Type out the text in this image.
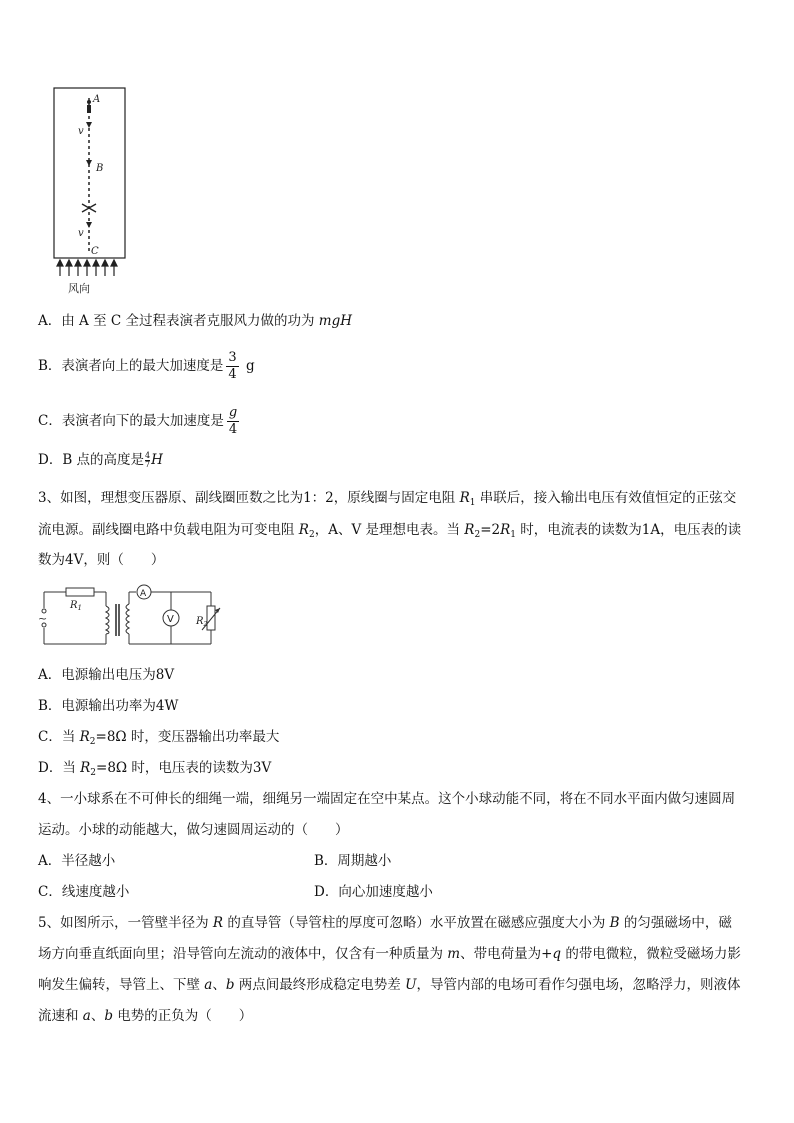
A
v
B
v
C
风向
A．由 A 至 C 全过程表演者克服风力做的功为 mgH
B．表演者向上的最大加速度是 $\frac{3}{4}$ g
C．表演者向下的最大加速度是 $\frac{g}{4}$
D．B 点的高度是 $\frac{4}{7}$ H
3、如图，理想变压器原、副线圈匝数之比为1：2，原线圈与固定电阻 $R_1$ 串联后，接入输出电压有效值恒定的正弦交
流电源。副线圈电路中负载电阻为可变电阻 $R_2$，A、V 是理想电表。当 $R_2=2R_1$ 时，电流表的读数为1A，电压表的读
数为4V，则（　　）
$R_1$
A
V $R_2$
~
A．电源输出电压为8V
B．电源输出功率为4W
C．当 $R_2=8\Omega$ 时，变压器输出功率最大
D．当 $R_2=8\Omega$ 时，电压表的读数为3V
4、一小球系在不可伸长的细绳一端，细绳另一端固定在空中某点。这个小球动能不同，将在不同水平面内做匀速圆周
运动。小球的动能越大，做匀速圆周运动的（　　）
A．半径越小	B．周期越小
C．线速度越小	D．向心加速度越小
5、如图所示，一管壁半径为 R 的直导管（导管柱的厚度可忽略）水平放置在磁感应强度大小为 B 的匀强磁场中，磁
场方向垂直纸面向里；沿导管向左流动的液体中，仅含有一种质量为 m、带电荷量为+q 的带电微粒，微粒受磁场力影
响发生偏转，导管上、下壁 a、b 两点间最终形成稳定电势差 U，导管内部的电场可看作匀强电场，忽略浮力，则液体
流速和 a、b 电势的正负为（　　）
